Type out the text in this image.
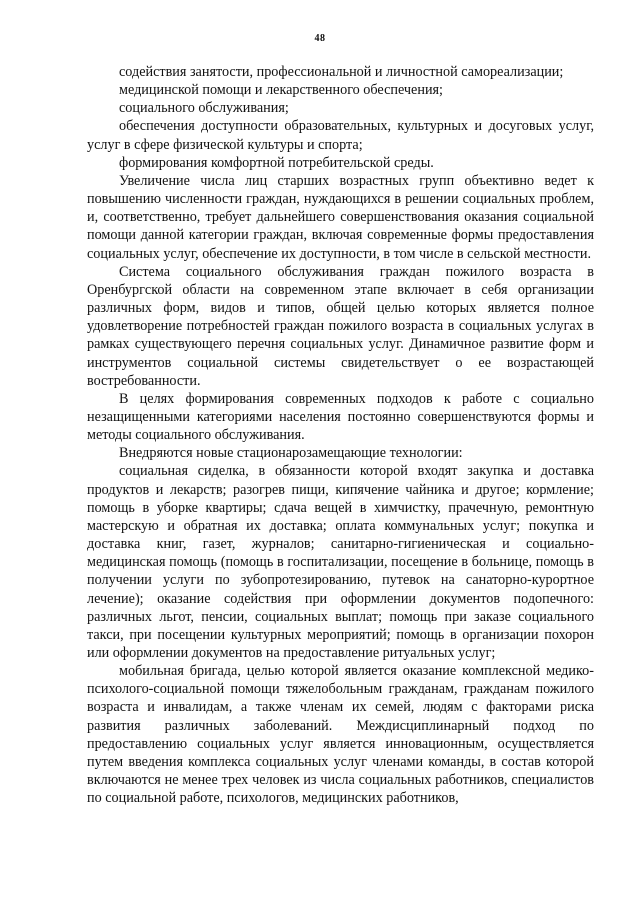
48

содействия занятости, профессиональной и личностной самореализации;

медицинской помощи и лекарственного обеспечения;

социального обслуживания;

обеспечения доступности образовательных, культурных и досуговых услуг, услуг в сфере физической культуры и спорта;

формирования комфортной потребительской среды.

Увеличение числа лиц старших возрастных групп объективно ведет к повышению численности граждан, нуждающихся в решении социальных проблем, и, соответственно, требует дальнейшего совершенствования оказания социальной помощи данной категории граждан, включая современные формы предоставления социальных услуг, обеспечение их доступности, в том числе в сельской местности.

Система социального обслуживания граждан пожилого возраста в Оренбургской области на современном этапе включает в себя организации различных форм, видов и типов, общей целью которых является полное удовлетворение потребностей граждан пожилого возраста в социальных услугах в рамках существующего перечня социальных услуг. Динамичное развитие форм и инструментов социальной системы свидетельствует о ее возрастающей востребованности.

В целях формирования современных подходов к работе с социально незащищенными категориями населения постоянно совершенствуются формы и методы социального обслуживания.

Внедряются новые стационарозамещающие технологии:

социальная сиделка, в обязанности которой входят закупка и доставка продуктов и лекарств; разогрев пищи, кипячение чайника и другое; кормление; помощь в уборке квартиры; сдача вещей в химчистку, прачечную, ремонтную мастерскую и обратная их доставка; оплата коммунальных услуг; покупка и доставка книг, газет, журналов; санитарно-гигиеническая и социально-медицинская помощь (помощь в госпитализации, посещение в больнице, помощь в получении услуги по зубопротезированию, путевок на санаторно-курортное лечение); оказание содействия при оформлении документов подопечного: различных льгот, пенсии, социальных выплат; помощь при заказе социального такси, при посещении культурных мероприятий; помощь в организации похорон или оформлении документов на предоставление ритуальных услуг;

мобильная бригада, целью которой является оказание комплексной медико-психолого-социальной помощи тяжелобольным гражданам, гражданам пожилого возраста и инвалидам, а также членам их семей, людям с факторами риска развития различных заболеваний. Междисциплинарный подход по предоставлению социальных услуг является инновационным, осуществляется путем введения комплекса социальных услуг членами команды, в состав которой включаются не менее трех человек из числа социальных работников, специалистов по социальной работе, психологов, медицинских работников,
